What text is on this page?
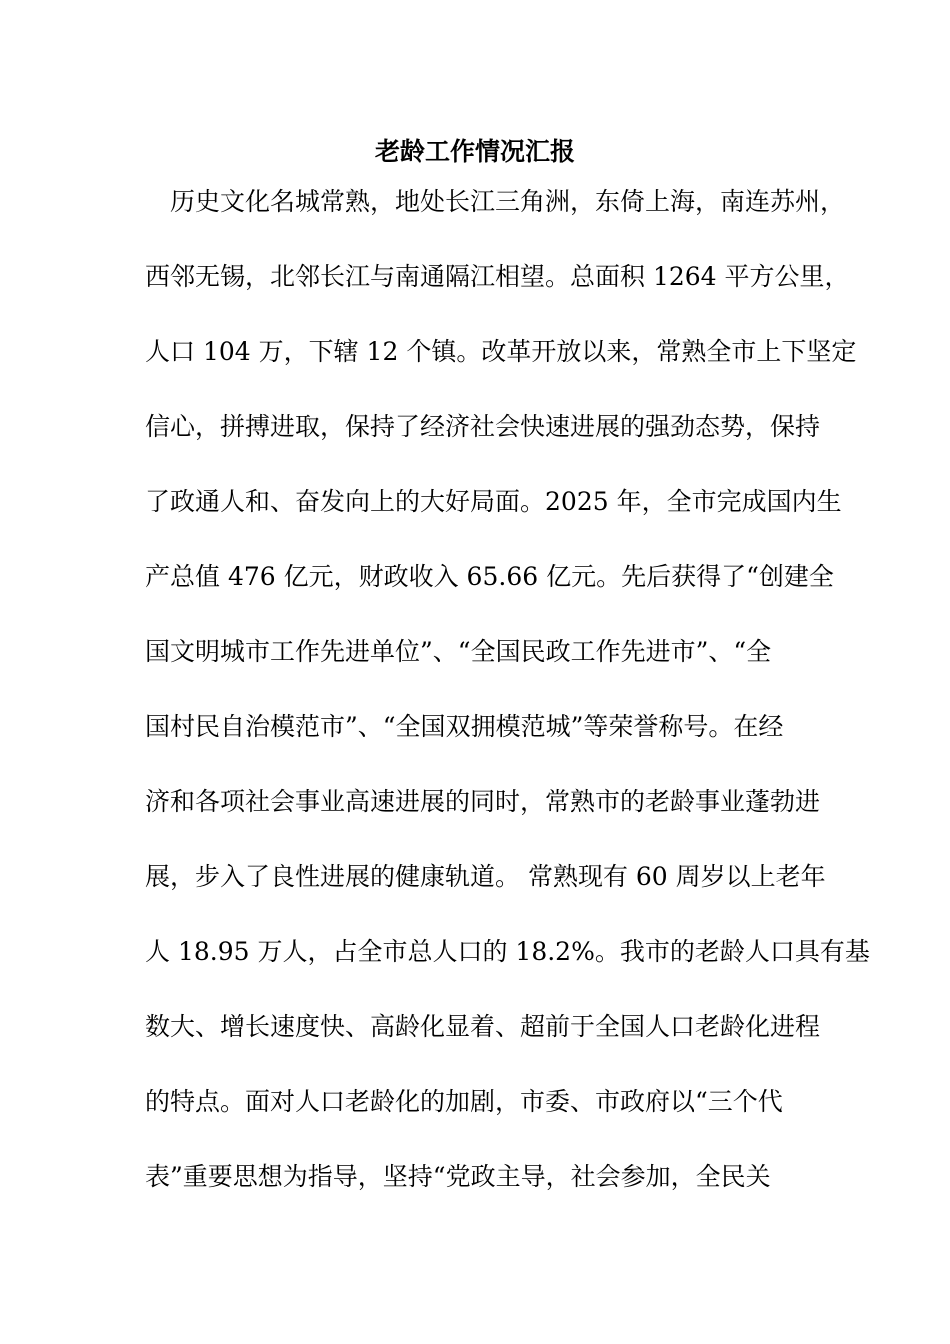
老龄工作情况汇报
历史文化名城常熟，地处长江三角洲，东倚上海，南连苏州，
西邻无锡，北邻长江与南通隔江相望。总面积 1264 平方公里，
人口 104 万，下辖 12 个镇。改革开放以来，常熟全市上下坚定
信心，拼搏进取，保持了经济社会快速进展的强劲态势，保持
了政通人和、奋发向上的大好局面。2025 年，全市完成国内生
产总值 476 亿元，财政收入 65.66 亿元。先后获得了“创建全
国文明城市工作先进单位”、“全国民政工作先进市”、“全
国村民自治模范市”、“全国双拥模范城”等荣誉称号。在经
济和各项社会事业高速进展的同时，常熟市的老龄事业蓬勃进
展，步入了良性进展的健康轨道。 常熟现有 60 周岁以上老年
人 18.95 万人，占全市总人口的 18.2%。我市的老龄人口具有基
数大、增长速度快、高龄化显着、超前于全国人口老龄化进程
的特点。面对人口老龄化的加剧，市委、市政府以“三个代
表”重要思想为指导，坚持“党政主导，社会参加，全民关
